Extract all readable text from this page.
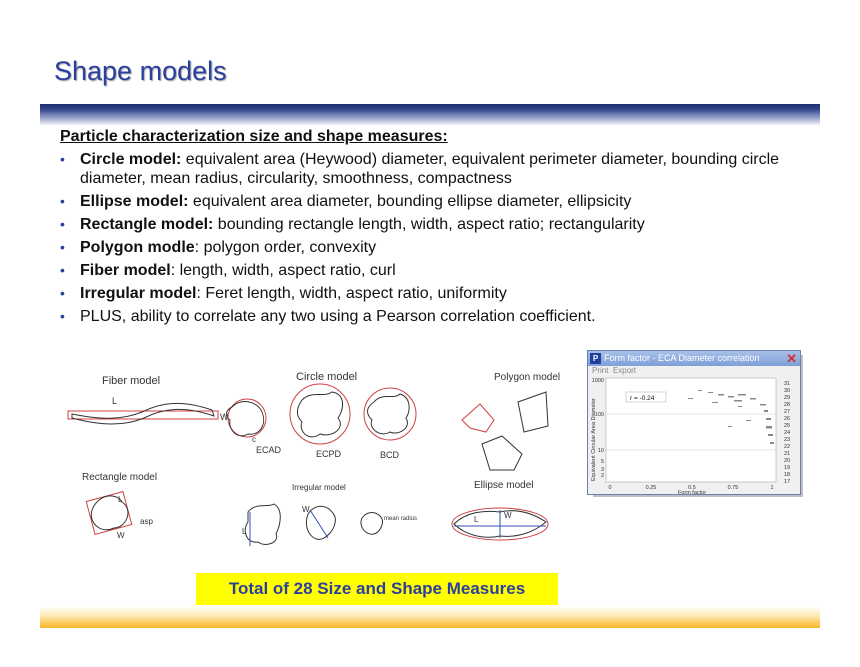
Shape models
Particle characterization size and shape measures:
• Circle model: equivalent area (Heywood) diameter, equivalent perimeter diameter, bounding circle diameter, mean radius, circularity, smoothness, compactness
• Ellipse model: equivalent area diameter, bounding ellipse diameter, ellipsicity
• Rectangle model: bounding rectangle length, width, aspect ratio; rectangularity
• Polygon modle: polygon order, convexity
• Fiber model: length, width, aspect ratio, curl
• Irregular model: Feret length, width, aspect ratio, uniformity
• PLUS, ability to correlate any two using a Pearson correlation coefficient.
Fiber model
L
W
c
Circle model
ECAD	ECPD	BCD
Polygon model
Rectangle model
L
W
asp
Irregular model
L
W
mean radius
Ellipse model
L	W
P Form factor - ECA Diameter correlation ✕
Print Export
Equivalent Circular Area Diameter
1000
100
10
5
3
2
0	0.25	0.5	0.75	1
Form factor
r = -0.24
31
30
29
28
27
26
25
24
23
22
21
20
19
18
17
Total of 28 Size and Shape Measures
